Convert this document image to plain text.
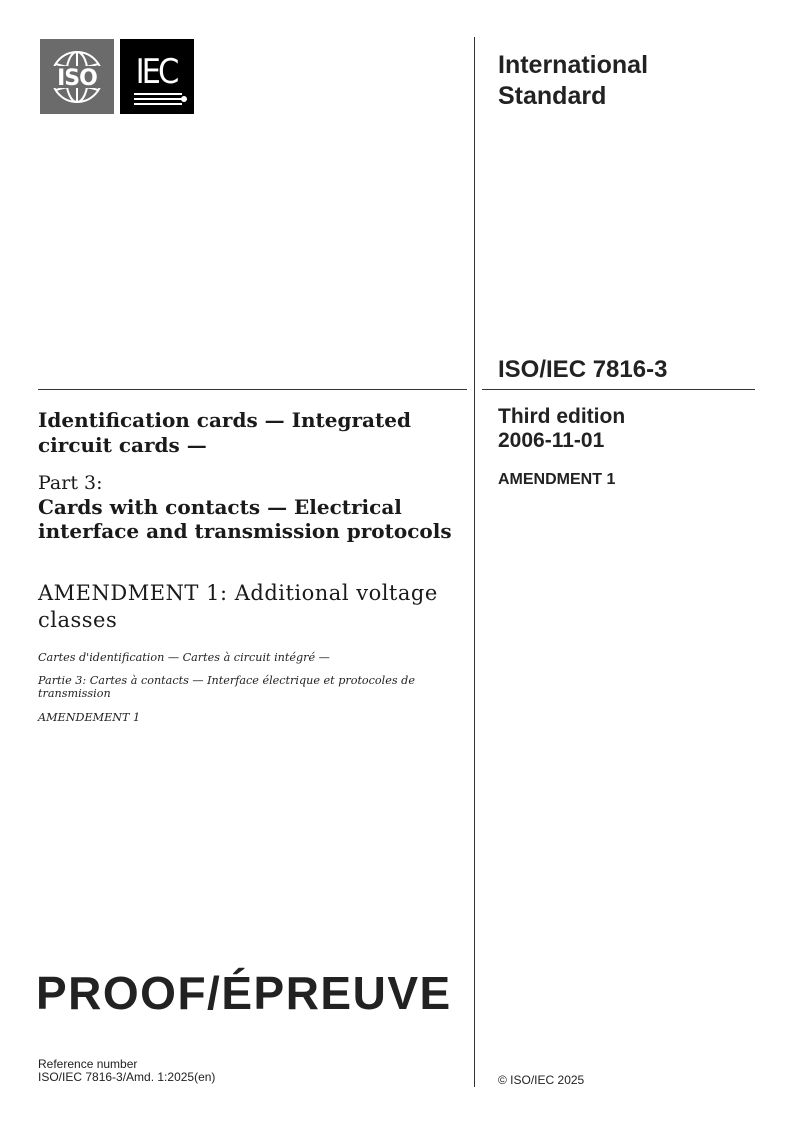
ISO IEC	International
Standard
ISO/IEC 7816-3
Third edition
2006-11-01
AMENDMENT 1
Identification cards — Integrated circuit cards —
Part 3:
Cards with contacts — Electrical interface and transmission protocols
AMENDMENT 1: Additional voltage classes
Cartes d'identification — Cartes à circuit intégré —
Partie 3: Cartes à contacts — Interface électrique et protocoles de transmission
AMENDEMENT 1
PROOF/ÉPREUVE
Reference number
ISO/IEC 7816-3/Amd. 1:2025(en)	© ISO/IEC 2025
